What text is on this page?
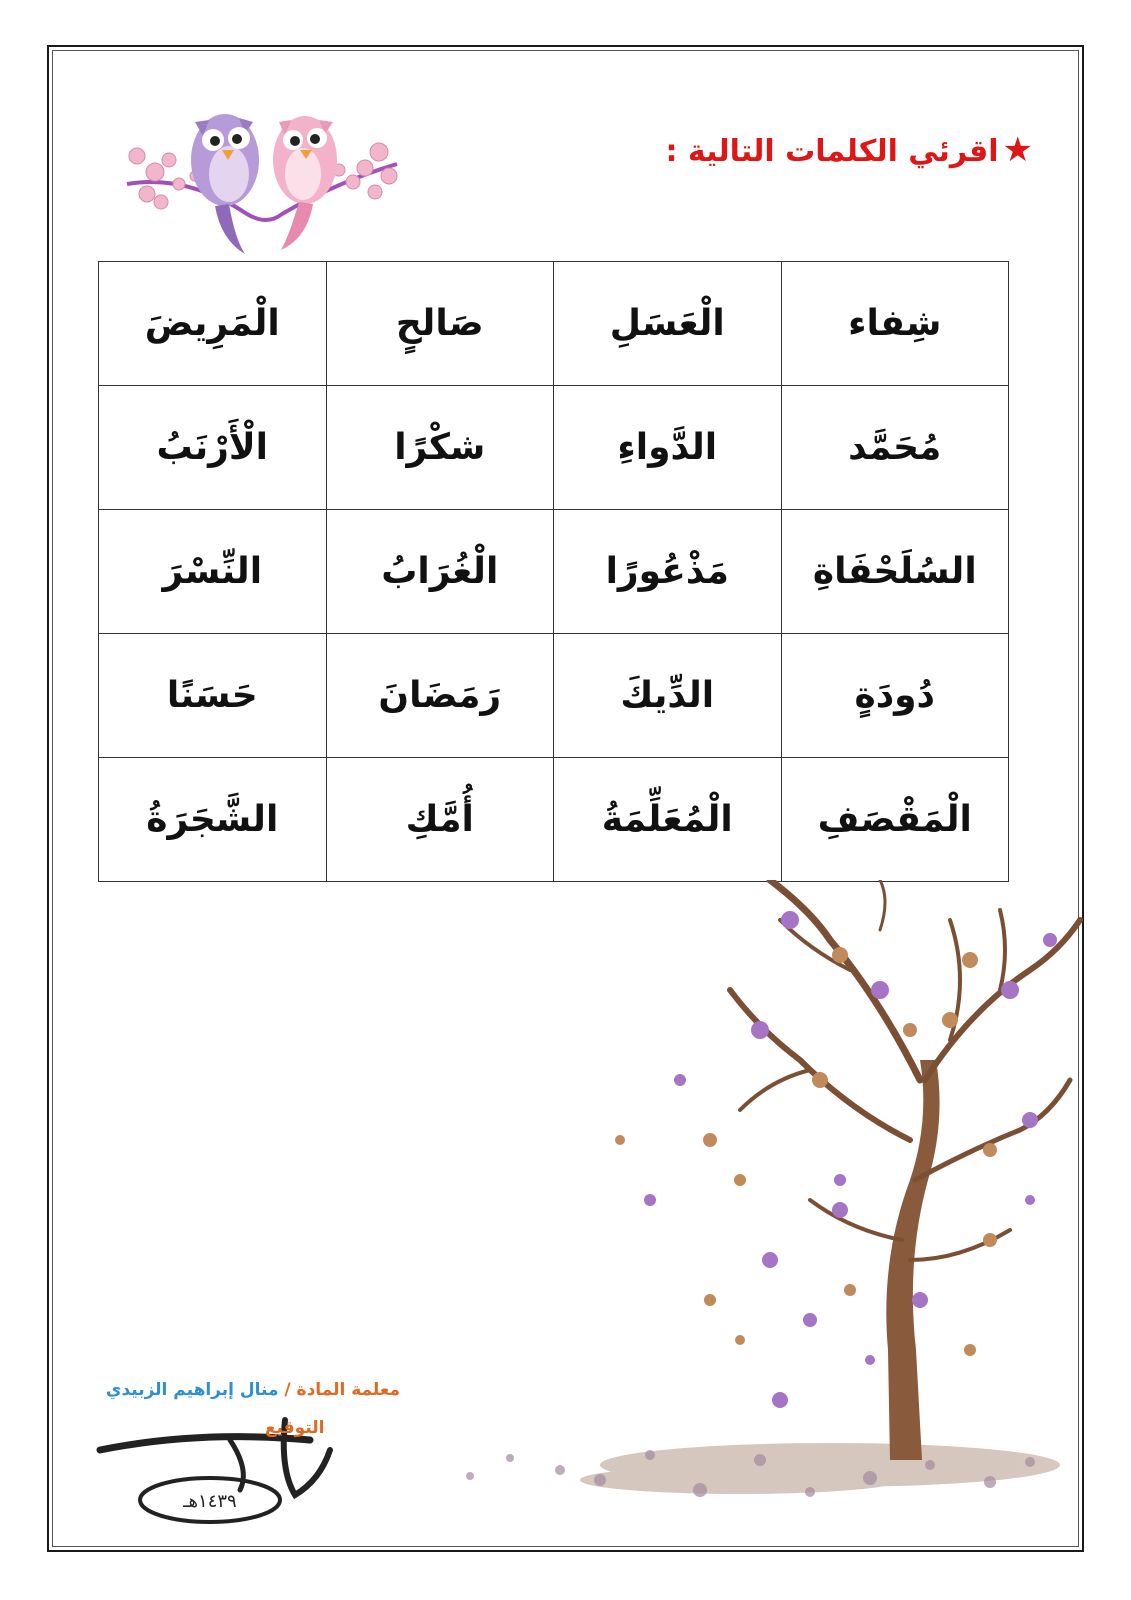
★اقرئي الكلمات التالية :
شِفاء	الْعَسَلِ	صَالحٍ	الْمَرِيضَ
مُحَمَّد	الدَّواءِ	شكْرًا	الْأَرْنَبُ
السُلَحْفَاةِ	مَذْعُورًا	الْغُرَابُ	النِّسْرَ
دُودَةٍ	الدِّيكَ	رَمَضَانَ	حَسَنًا
الْمَقْصَفِ	الْمُعَلِّمَةُ	أُمَّكِ	الشَّجَرَةُ
معلمة المادة / منال إبراهيم الزبيدي
١٤٣٩هـ
التوقيع
